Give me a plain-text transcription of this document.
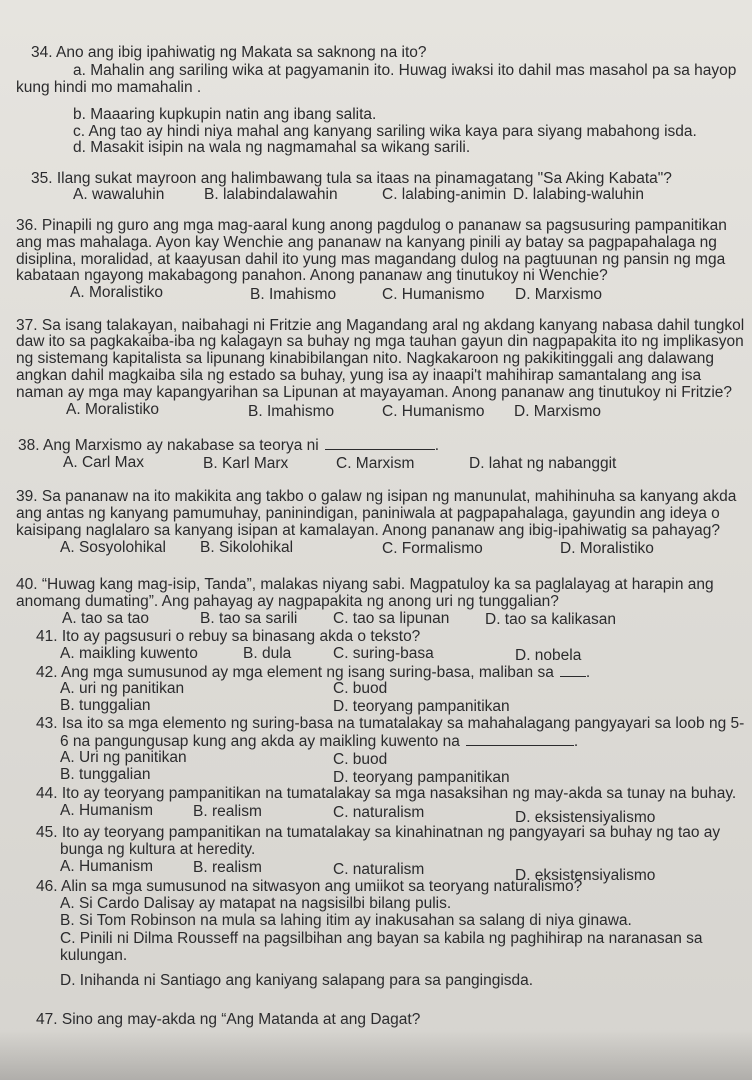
34. Ano ang ibig ipahiwatig ng Makata sa saknong na ito?
a. Mahalin ang sariling wika at pagyamanin ito. Huwag iwaksi ito dahil mas masahol pa sa hayop
kung hindi mo mamahalin .
b. Maaaring kupkupin natin ang ibang salita.
c. Ang tao ay hindi niya mahal ang kanyang sariling wika kaya para siyang mabahong isda.
d. Masakit isipin na wala ng nagmamahal sa wikang sarili.
35. Ilang sukat mayroon ang halimbawang tula sa itaas na pinamagatang "Sa Aking Kabata"?
A. wawaluhin	B. lalabindalawahin	C. lalabing-animin D. lalabing-waluhin
36. Pinapili ng guro ang mga mag-aaral kung anong pagdulog o pananaw sa pagsusuring pampanitikan
ang mas mahalaga. Ayon kay Wenchie ang pananaw na kanyang pinili ay batay sa pagpapahalaga ng
disiplina, moralidad, at kaayusan dahil ito yung mas magandang dulog na pagtuunan ng pansin ng mga
kabataan ngayong makabagong panahon. Anong pananaw ang tinutukoy ni Wenchie?
A. Moralistiko	B. Imahismo	C. Humanismo D. Marxismo
37. Sa isang talakayan, naibahagi ni Fritzie ang Magandang aral ng akdang kanyang nabasa dahil tungkol
daw ito sa pagkakaiba-iba ng kalagayn sa buhay ng mga tauhan gayun din nagpapakita ito ng implikasyon
ng sistemang kapitalista sa lipunang kinabibilangan nito. Nagkakaroon ng pakikitinggali ang dalawang
angkan dahil magkaiba sila ng estado sa buhay, yung isa ay inaapi't mahihirap samantalang ang isa
naman ay mga may kapangyarihan sa Lipunan at mayayaman. Anong pananaw ang tinutukoy ni Fritzie?
A. Moralistiko	B. Imahismo	C. Humanismo D. Marxismo
38. Ang Marxismo ay nakabase sa teorya ni	.
A. Carl Max	B. Karl Marx	C. Marxism	D. lahat ng nabanggit
39. Sa pananaw na ito makikita ang takbo o galaw ng isipan ng manunulat, mahihinuha sa kanyang akda
ang antas ng kanyang pamumuhay, paninindigan, paniniwala at pagpapahalaga, gayundin ang ideya o
kaisipang naglalaro sa kanyang isipan at kamalayan. Anong pananaw ang ibig-ipahiwatig sa pahayag?
A. Sosyolohikal B. Sikolohikal	C. Formalismo	D. Moralistiko
40. “Huwag kang mag-isip, Tanda”, malakas niyang sabi. Magpatuloy ka sa paglalayag at harapin ang
anomang dumating”. Ang pahayag ay nagpapakita ng anong uri ng tunggalian?
A. tao sa tao	B. tao sa sarili C. tao sa lipunan D. tao sa kalikasan
41. Ito ay pagsusuri o rebuy sa binasang akda o teksto?
A. maikling kuwento	B. dula	C. suring-basa	D. nobela
42. Ang mga sumusunod ay mga element ng isang suring-basa, maliban sa .
A. uri ng panitikan	C. buod
B. tunggalian	D. teoryang pampanitikan
43. Isa ito sa mga elemento ng suring-basa na tumatalakay sa mahahalagang pangyayari sa loob ng 5-
6 na pangungusap kung ang akda ay maikling kuwento na	.
A. Uri ng panitikan	C. buod
B. tunggalian	D. teoryang pampanitikan
44. Ito ay teoryang pampanitikan na tumatalakay sa mga nasaksihan ng may-akda sa tunay na buhay.
A. Humanism	B. realism	C. naturalism	D. eksistensiyalismo
45. Ito ay teoryang pampanitikan na tumatalakay sa kinahinatnan ng pangyayari sa buhay ng tao ay
bunga ng kultura at heredity.
A. Humanism	B. realism	C. naturalism	D. eksistensiyalismo
46. Alin sa mga sumusunod na sitwasyon ang umiikot sa teoryang naturalismo?
A. Si Cardo Dalisay ay matapat na nagsisilbi bilang pulis.
B. Si Tom Robinson na mula sa lahing itim ay inakusahan sa salang di niya ginawa.
C. Pinili ni Dilma Rousseff na pagsilbihan ang bayan sa kabila ng paghihirap na naranasan sa
kulungan.
D. Inihanda ni Santiago ang kaniyang salapang para sa pangingisda.
47. Sino ang may-akda ng “Ang Matanda at ang Dagat?
